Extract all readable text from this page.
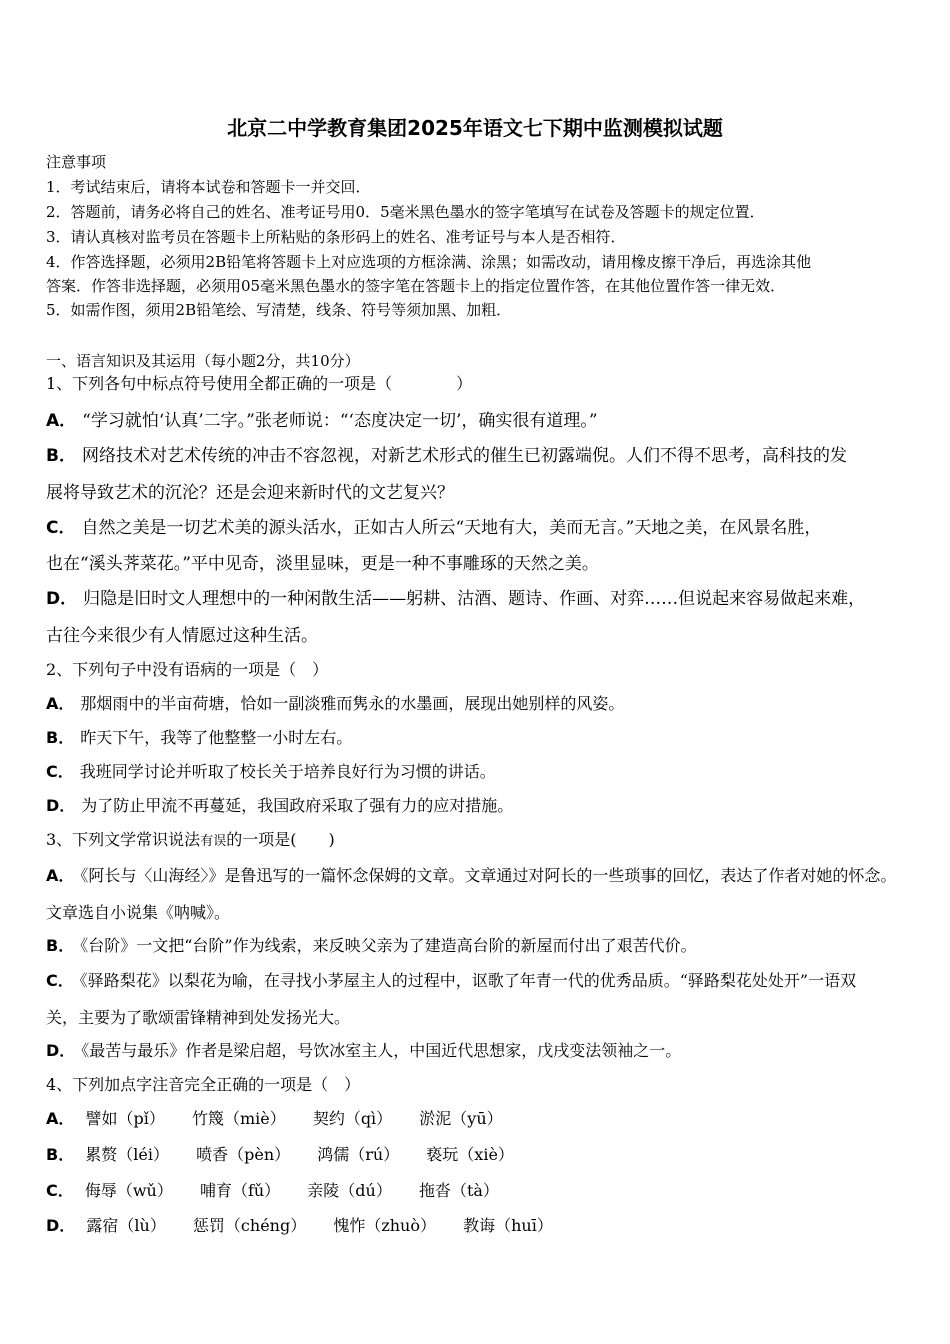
北京二中学教育集团2025年语文七下期中监测模拟试题
注意事项
1．考试结束后，请将本试卷和答题卡一并交回．
2．答题前，请务必将自己的姓名、准考证号用0．5毫米黑色墨水的签字笔填写在试卷及答题卡的规定位置．
3．请认真核对监考员在答题卡上所粘贴的条形码上的姓名、准考证号与本人是否相符．
4．作答选择题，必须用2B铅笔将答题卡上对应选项的方框涂满、涂黑；如需改动，请用橡皮擦干净后，再选涂其他
答案．作答非选择题，必须用05毫米黑色墨水的签字笔在答题卡上的指定位置作答，在其他位置作答一律无效．
5．如需作图，须用2B铅笔绘、写清楚，线条、符号等须加黑、加粗．
一、语言知识及其运用（每小题2分，共10分）
1、下列各句中标点符号使用全都正确的一项是（　　　　）
A． “学习就怕‘认真’二字。”张老师说：“‘态度决定一切’，确实很有道理。”
B． 网络技术对艺术传统的冲击不容忽视，对新艺术形式的催生已初露端倪。人们不得不思考，高科技的发
展将导致艺术的沉沦？还是会迎来新时代的文艺复兴？
C． 自然之美是一切艺术美的源头活水，正如古人所云“天地有大，美而无言。”天地之美，在风景名胜，
也在“溪头荠菜花。”平中见奇，淡里显味，更是一种不事雕琢的天然之美。
D． 归隐是旧时文人理想中的一种闲散生活——躬耕、沽酒、题诗、作画、对弈……但说起来容易做起来难，
古往今来很少有人情愿过这种生活。
2、下列句子中没有语病的一项是（　）
A． 那烟雨中的半亩荷塘，恰如一副淡雅而隽永的水墨画，展现出她别样的风姿。
B． 昨天下午，我等了他整整一小时左右。
C． 我班同学讨论并听取了校长关于培养良好行为习惯的讲话。
D． 为了防止甲流不再蔓延，我国政府采取了强有力的应对措施。
3、下列文学常识说法有误的一项是(　　)
A． 《阿长与〈山海经〉》是鲁迅写的一篇怀念保姆的文章。文章通过对阿长的一些琐事的回忆，表达了作者对她的怀念。
文章选自小说集《呐喊》。
B． 《台阶》一文把“台阶”作为线索，来反映父亲为了建造高台阶的新屋而付出了艰苦代价。
C． 《驿路梨花》以梨花为喻，在寻找小茅屋主人的过程中，讴歌了年青一代的优秀品质。“驿路梨花处处开”一语双
关，主要为了歌颂雷锋精神到处发扬光大。
D． 《最苦与最乐》作者是梁启超，号饮冰室主人，中国近代思想家，戊戌变法领袖之一。
4、下列加点字注音完全正确的一项是（　）
A． 譬如（pǐ） 竹篾（miè） 契约（qì） 淤泥（yū）
B． 累赘（léi） 喷香（pèn） 鸿儒（rú） 亵玩（xiè）
C． 侮辱（wǔ） 哺育（fǔ） 亲陵（dú） 拖沓（tà）
D． 露宿（lù） 惩罚（chéng） 愧怍（zhuò） 教诲（huī）
